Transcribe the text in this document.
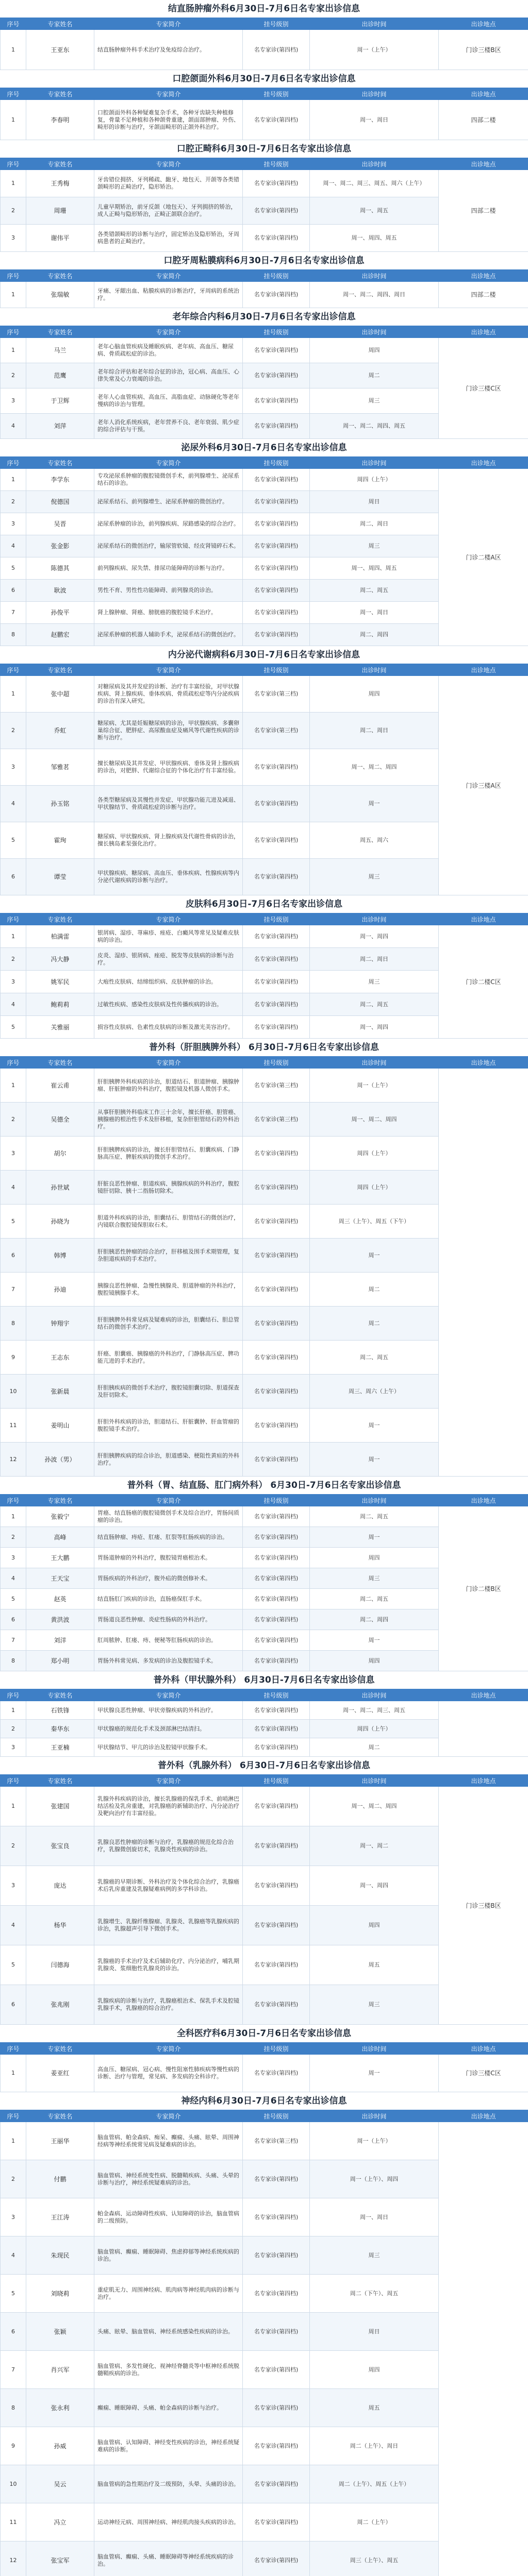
结直肠肿瘤外科6月30日-7月6日名专家出诊信息
序号	专家姓名	专家简介	挂号级别	出诊时间	出诊地点
1	王亚东	结直肠肿瘤外科手术治疗及免疫综合治疗。	名专家诊(第四档)	周一（上午）	门诊三楼B区
口腔颌面外科6月30日-7月6日名专家出诊信息
序号	专家姓名	专家简介	挂号级别	出诊时间	出诊地点
1	李春明	口腔颌面外科各种疑难复杂手术，各种牙齿缺失种植修复，骨量不足种植和各种颌骨重建，颌面部肿瘤、外伤、畸形的诊断与治疗，牙颌面畸形的正颌外科治疗。	名专家诊(第四档)	周一、周日	四部二楼
口腔正畸科6月30日-7月6日名专家出诊信息
序号	专家姓名	专家简介	挂号级别	出诊时间	出诊地点
1	王秀梅	牙齿错位拥挤、牙列稀疏、龅牙、地包天、开颌等各类错颌畸形的正畸治疗，隐形矫治。	名专家诊(第四档)	周一、周二、周三、周五、周六（上午）	四部二楼
2	周珊	儿童早期矫治，前牙反颌（地包天）、牙列拥挤的矫治，成人正畸与隐形矫治，正畸正颌联合治疗。	名专家诊(第四档)	周一、周五	
3	谢伟平	各类错颌畸形的诊断与治疗，固定矫治及隐形矫治，牙周病患者的正畸治疗。	名专家诊(第四档)	周一、周四、周五	
口腔牙周粘膜病科6月30日-7月6日名专家出诊信息
序号	专家姓名	专家简介	挂号级别	出诊时间	出诊地点
1	张瑞敏	牙痛、牙龈出血、粘膜疾病的诊断治疗，牙周病的系统治疗。	名专家诊(第四档)	周一、周二、周四、周日	四部二楼
老年综合内科6月30日-7月6日名专家出诊信息
序号	专家姓名	专家简介	挂号级别	出诊时间	出诊地点
1	马兰	老年心脑血管疾病及睡眠疾病、老年病、高血压、糖尿病、骨质疏松症的诊治。	名专家诊(第四档)	周四	门诊三楼C区
2	范鹰	老年综合评估和老年综合征的诊治，冠心病、高血压、心律失常及心力衰竭的诊治。	名专家诊(第四档)	周二	
3	于卫辉	老年人心血管疾病、高血压、高脂血症、动脉硬化等老年慢病的诊治与管理。	名专家诊(第四档)	周三	
4	刘萍	老年人消化系统疾病，老年营养不良、老年衰弱、肌少症的综合评估与干预。	名专家诊(第四档)	周一、周二、周四、周五	
泌尿外科6月30日-7月6日名专家出诊信息
序号	专家姓名	专家简介	挂号级别	出诊时间	出诊地点
1	李学东	专攻泌尿系肿瘤的腹腔镜微创手术，前列腺增生、泌尿系结石的诊治。	名专家诊(第四档)	周四（上午）	门诊二楼A区
2	倪德国	泌尿系结石、前列腺增生、泌尿系肿瘤的微创治疗。	名专家诊(第四档)	周日	
3	吴晋	泌尿系肿瘤的诊治，前列腺疾病、尿路感染的综合治疗。	名专家诊(第四档)	周二、周日	
4	张金影	泌尿系结石的微创治疗，输尿管软镜、经皮肾镜碎石术。	名专家诊(第四档)	周三	
5	陈德其	前列腺疾病、尿失禁、排尿功能障碍的诊断与治疗。	名专家诊(第四档)	周一、周四、周五	
6	耿波	男性不育、男性性功能障碍、前列腺炎的诊治。	名专家诊(第四档)	周二、周五	
7	孙俊平	肾上腺肿瘤、肾癌、膀胱癌的腹腔镜手术治疗。	名专家诊(第四档)	周一、周日	
8	赵鹏宏	泌尿系肿瘤的机器人辅助手术，泌尿系结石的微创治疗。	名专家诊(第四档)	周二、周四	
内分泌代谢病科6月30日-7月6日名专家出诊信息
序号	专家姓名	专家简介	挂号级别	出诊时间	出诊地点
1	张中超	对糖尿病及其并发症的诊断、治疗有丰富经验，对甲状腺疾病、肾上腺疾病、垂体疾病、骨质疏松症等内分泌疾病的诊治有深入研究。	名专家诊(第三档)	周四	门诊三楼A区
2	乔虹	糖尿病、尤其是妊娠糖尿病的诊治，甲状腺疾病、多囊卵巢综合征、肥胖症、高尿酸血症及痛风等代谢性疾病的诊断与治疗。	名专家诊(第三档)	周二、周日	
3	邹雅茗	擅长糖尿病及其并发症、甲状腺疾病、垂体及肾上腺疾病的诊治，对肥胖、代谢综合征的个体化治疗有丰富经验。	名专家诊(第四档)	周一、周二、周四	
4	孙玉铭	各类型糖尿病及其慢性并发症、甲状腺功能亢进及减退、甲状腺结节、骨质疏松症的诊断与治疗。	名专家诊(第四档)	周一	
5	霍珣	糖尿病、甲状腺疾病、肾上腺疾病及代谢性骨病的诊治，擅长胰岛素泵强化治疗。	名专家诊(第四档)	周五、周六	
6	谭莹	甲状腺疾病、糖尿病、高血压、垂体疾病、性腺疾病等内分泌代谢疾病的诊断与治疗。	名专家诊(第四档)	周三	
皮肤科6月30日-7月6日名专家出诊信息
序号	专家姓名	专家简介	挂号级别	出诊时间	出诊地点
1	柏满雷	银屑病、湿疹、荨麻疹、痤疮、白癜风等常见及疑难皮肤病的诊治。	名专家诊(第四档)	周一、周四	门诊二楼C区
2	冯大静	皮炎、湿疹、银屑病、痤疮、脱发等皮肤病的诊断与治疗。	名专家诊(第四档)	周二、周日	
3	姚军民	大疱性皮肤病、结缔组织病、皮肤肿瘤的诊治。	名专家诊(第四档)	周三	
4	鲍莉莉	过敏性疾病、感染性皮肤病及性传播疾病的诊治。	名专家诊(第四档)	周二、周五	
5	关雅丽	损容性皮肤病、色素性皮肤病的诊断及激光美容治疗。	名专家诊(第四档)	周一、周四	
普外科（肝胆胰脾外科） 6月30日-7月6日名专家出诊信息
序号	专家姓名	专家简介	挂号级别	出诊时间	出诊地点
1	崔云甫	肝胆胰脾外科疾病的诊治，胆道结石、胆道肿瘤、胰腺肿瘤、肝脏肿瘤的外科治疗，腹腔镜及机器人微创手术。	名专家诊(第三档)	周一（上午）	
2	吴德全	从事肝胆胰外科临床工作三十余年，擅长肝癌、胆管癌、胰腺癌的根治性手术及肝移植，复杂肝胆管结石的外科治疗。	名专家诊(第三档)	周一、周二、周四	
3	胡尔	肝胆胰脾疾病的诊治，擅长肝胆管结石、胆囊疾病、门静脉高压症、脾脏疾病的微创手术治疗。	名专家诊(第四档)	周四（上午）	
4	孙世斌	肝脏良恶性肿瘤、胆道疾病、胰腺疾病的外科治疗，腹腔镜肝切除、胰十二指肠切除术。	名专家诊(第四档)	周四（上午）	
5	孙晓为	胆道外科疾病的诊治，胆囊结石、胆管结石的微创治疗，内镜联合腹腔镜保胆取石术。	名专家诊(第四档)	周三（上午）、周五（下午）	
6	韩博	肝胆胰恶性肿瘤的综合治疗，肝移植及围手术期管理，复杂胆道疾病的手术治疗。	名专家诊(第四档)	周一	
7	孙迪	胰腺良恶性肿瘤、急慢性胰腺炎、胆道肿瘤的外科治疗，腹腔镜胰腺手术。	名专家诊(第四档)	周二	
8	钟翔宇	肝胆胰脾外科常见病及疑难病的诊治，胆囊结石、胆总管结石的微创手术治疗。	名专家诊(第四档)	周二	
9	王志东	肝癌、胆囊癌、胰腺癌的外科治疗，门静脉高压症、脾功能亢进的手术治疗。	名专家诊(第四档)	周二、周五	
10	张新晨	肝胆胰疾病的微创手术治疗，腹腔镜胆囊切除、胆道探查及肝切除术。	名专家诊(第四档)	周三、周六（上午）	
11	姜明山	肝胆外科疾病的诊治，胆道结石、肝脏囊肿、肝血管瘤的腹腔镜手术治疗。	名专家诊(第四档)	周一	
12	孙波（男）	肝胆胰脾疾病的综合诊治，胆道感染、梗阻性黄疸的外科治疗。	名专家诊(第四档)	周一	
普外科（胃、结直肠、肛门病外科） 6月30日-7月6日名专家出诊信息
序号	专家姓名	专家简介	挂号级别	出诊时间	出诊地点
1	张毅宁	胃癌、结直肠癌的腹腔镜微创手术及综合治疗，胃肠间质瘤的诊治。	名专家诊(第四档)	周二、周五	门诊二楼B区
2	高峰	结直肠肿瘤、痔疮、肛瘘、肛裂等肛肠疾病的诊治。	名专家诊(第四档)	周一	
3	王大鹏	胃肠道肿瘤的外科治疗，腹腔镜胃癌根治术。	名专家诊(第四档)	周四	
4	王天宝	胃肠疾病的外科治疗，腹外疝的微创修补术。	名专家诊(第四档)	周三	
5	赵英	结直肠肛门疾病的诊治，直肠癌保肛手术。	名专家诊(第四档)	周二、周五	
6	黄洪波	胃肠道良恶性肿瘤、炎症性肠病的外科治疗。	名专家诊(第四档)	周二、周四	
7	刘洋	肛周脓肿、肛瘘、痔、便秘等肛肠疾病的诊治。	名专家诊(第四档)	周一	
8	郑小明	胃肠外科常见病、多发病的诊治及腹腔镜手术。	名专家诊(第四档)	周四	
普外科（甲状腺外科） 6月30日-7月6日名专家出诊信息
序号	专家姓名	专家简介	挂号级别	出诊时间	出诊地点
1	石铁锋	甲状腺良恶性肿瘤、甲状旁腺疾病的外科治疗。	名专家诊(第四档)	周一、周二、周三、周五	
2	秦华东	甲状腺癌的规范化手术及颈部淋巴结清扫。	名专家诊(第四档)	周四（上午）	
3	王亚楠	甲状腺结节、甲亢的诊治及腔镜甲状腺手术。	名专家诊(第四档)	周二	
普外科（乳腺外科） 6月30日-7月6日名专家出诊信息
序号	专家姓名	专家简介	挂号级别	出诊时间	出诊地点
1	张建国	乳腺外科疾病的诊治，擅长乳腺癌的保乳手术、前哨淋巴结活检及乳房重建，对乳腺癌的新辅助治疗、内分泌治疗及靶向治疗有丰富经验。	名专家诊(第四档)	周一、周二、周四	门诊三楼B区
2	张宝良	乳腺良恶性肿瘤的诊断与治疗，乳腺癌的规范化综合治疗，乳腺微创旋切术，乳腺炎性疾病的诊治。	名专家诊(第四档)	周一、周二	
3	庞达	乳腺癌的早期诊断、外科治疗及个体化综合治疗，乳腺癌术后乳房重建及乳腺疑难病例的多学科诊治。	名专家诊(第四档)	周一、周四	
4	杨华	乳腺增生、乳腺纤维腺瘤、乳腺炎、乳腺癌等乳腺疾病的诊治，乳腺超声引导下微创手术。	名专家诊(第四档)	周四	
5	闫德海	乳腺癌的手术治疗及术后辅助化疗、内分泌治疗，哺乳期乳腺炎、浆细胞性乳腺炎的诊治。	名专家诊(第四档)	周五	
6	张兆刚	乳腺疾病的诊断与治疗，乳腺癌根治术、保乳手术及腔镜乳腺手术，乳腺癌的综合治疗。	名专家诊(第四档)	周三	
全科医疗科6月30日-7月6日名专家出诊信息
序号	专家姓名	专家简介	挂号级别	出诊时间	出诊地点
1	姜亚红	高血压、糖尿病、冠心病、慢性阻塞性肺疾病等慢性病的诊断、治疗与管理，常见病、多发病的全科诊疗。	名专家诊(第四档)	周一	门诊三楼C区
神经内科6月30日-7月6日名专家出诊信息
序号	专家姓名	专家简介	挂号级别	出诊时间	出诊地点
1	王丽华	脑血管病、帕金森病、痴呆、癫痫、头痛、眩晕、周围神经病等神经系统常见病及疑难病的诊治。	名专家诊(第三档)	周一（上午）	
2	付鹏	脑血管病、神经系统变性病、脱髓鞘疾病、头痛、头晕的诊断与治疗，神经系统疑难病的诊治。	名专家诊(第四档)	周一（上午）、周四	
3	王江涛	帕金森病、运动障碍性疾病、认知障碍的诊治，脑血管病的二级预防。	名专家诊(第四档)	周一、周日	
4	朱现民	脑血管病、癫痫、睡眠障碍、焦虑抑郁等神经系统疾病的诊治。	名专家诊(第四档)	周三	
5	刘晓莉	重症肌无力、周围神经病、肌肉病等神经肌肉病的诊断与治疗。	名专家诊(第四档)	周二（下午）、周五	
6	张颖	头痛、眩晕、脑血管病、神经系统感染性疾病的诊治。	名专家诊(第四档)	周日	
7	肖兴军	脑血管病、多发性硬化、视神经脊髓炎等中枢神经系统脱髓鞘疾病的诊治。	名专家诊(第四档)	周四	
8	张永利	癫痫、睡眠障碍、头痛、帕金森病的诊断与治疗。	名专家诊(第四档)	周五	
9	孙威	脑血管病、认知障碍、神经变性疾病的诊治，神经系统疑难病的诊断。	名专家诊(第四档)	周二（上午）、周日	
10	吴云	脑血管病的急性期治疗及二级预防，头晕、头痛的诊治。	名专家诊(第四档)	周二（上午）、周五（上午）	
11	冯立	运动神经元病、周围神经病、神经肌肉接头疾病的诊治。	名专家诊(第四档)	周二（上午）	
12	张宝军	脑血管病、癫痫、头痛、睡眠障碍等神经系统疾病的诊治。	名专家诊(第四档)	周三（上午）、周五	
